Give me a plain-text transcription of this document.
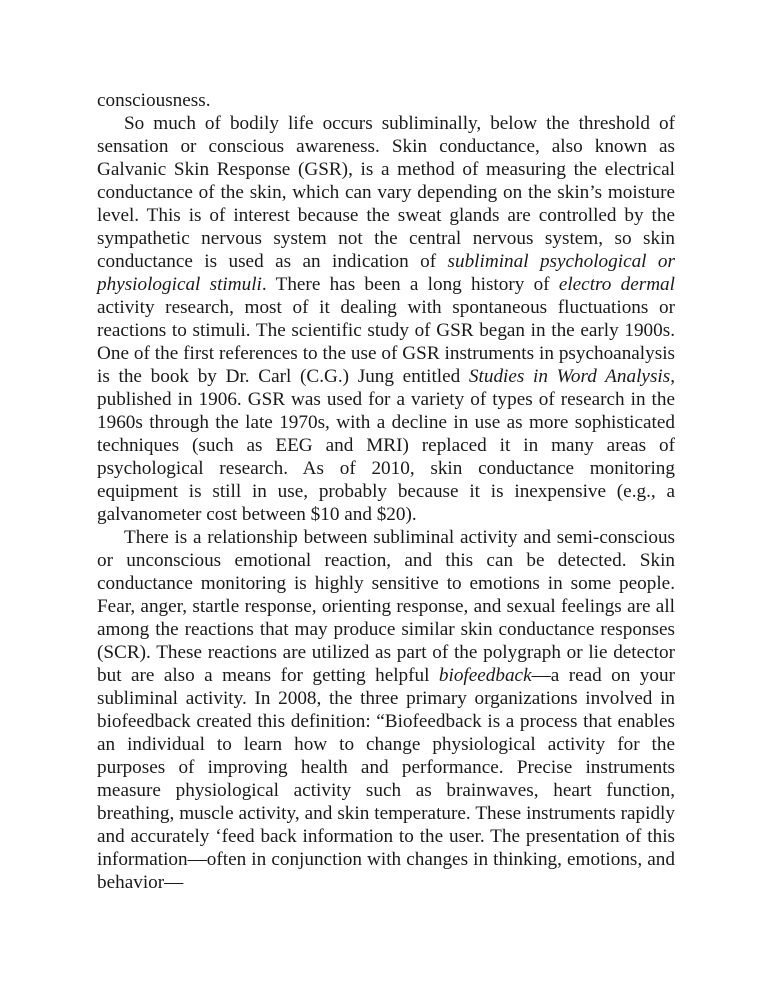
consciousness.

So much of bodily life occurs subliminally, below the threshold of sensation or conscious awareness. Skin conductance, also known as Galvanic Skin Response (GSR), is a method of measuring the electrical conductance of the skin, which can vary depending on the skin’s moisture level. This is of interest because the sweat glands are controlled by the sympathetic nervous system not the central nervous system, so skin conductance is used as an indication of subliminal psychological or physiological stimuli. There has been a long history of electro dermal activity research, most of it dealing with spontaneous fluctuations or reactions to stimuli. The scientific study of GSR began in the early 1900s. One of the first references to the use of GSR instruments in psychoanalysis is the book by Dr. Carl (C.G.) Jung entitled Studies in Word Analysis, published in 1906. GSR was used for a variety of types of research in the 1960s through the late 1970s, with a decline in use as more sophisticated techniques (such as EEG and MRI) replaced it in many areas of psychological research. As of 2010, skin conductance monitoring equipment is still in use, probably because it is inexpensive (e.g., a galvanometer cost between $10 and $20).

There is a relationship between subliminal activity and semi-conscious or unconscious emotional reaction, and this can be detected. Skin conductance monitoring is highly sensitive to emotions in some people. Fear, anger, startle response, orienting response, and sexual feelings are all among the reactions that may produce similar skin conductance responses (SCR). These reactions are utilized as part of the polygraph or lie detector but are also a means for getting helpful biofeedback—a read on your subliminal activity. In 2008, the three primary organizations involved in biofeedback created this definition: “Biofeedback is a process that enables an individual to learn how to change physiological activity for the purposes of improving health and performance. Precise instruments measure physiological activity such as brainwaves, heart function, breathing, muscle activity, and skin temperature. These instruments rapidly and accurately ‘feed back information to the user. The presentation of this information—often in conjunction with changes in thinking, emotions, and behavior—
